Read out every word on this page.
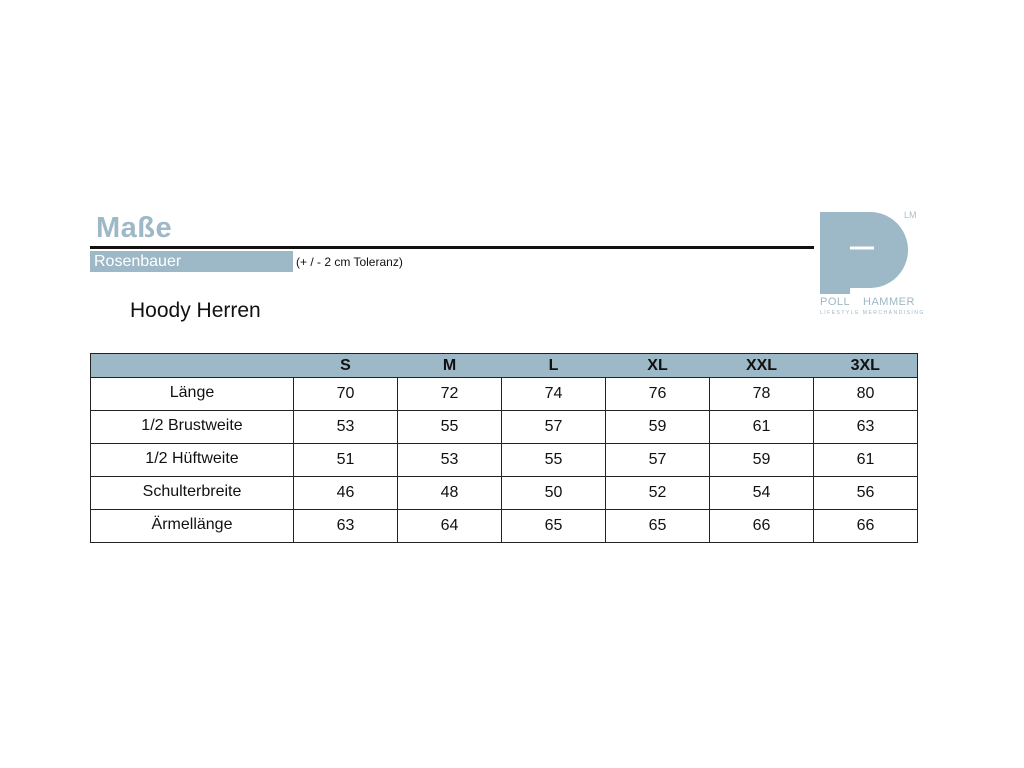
Maße
Rosenbauer	(+ / - 2 cm Toleranz)
Hoody Herren
LM
POLL HAMMER
LIFESTYLE MERCHANDISING
	S	M	L	XL	XXL	3XL
Länge	70	72	74	76	78	80
1/2 Brustweite	53	55	57	59	61	63
1/2 Hüftweite	51	53	55	57	59	61
Schulterbreite	46	48	50	52	54	56
Ärmellänge	63	64	65	65	66	66
